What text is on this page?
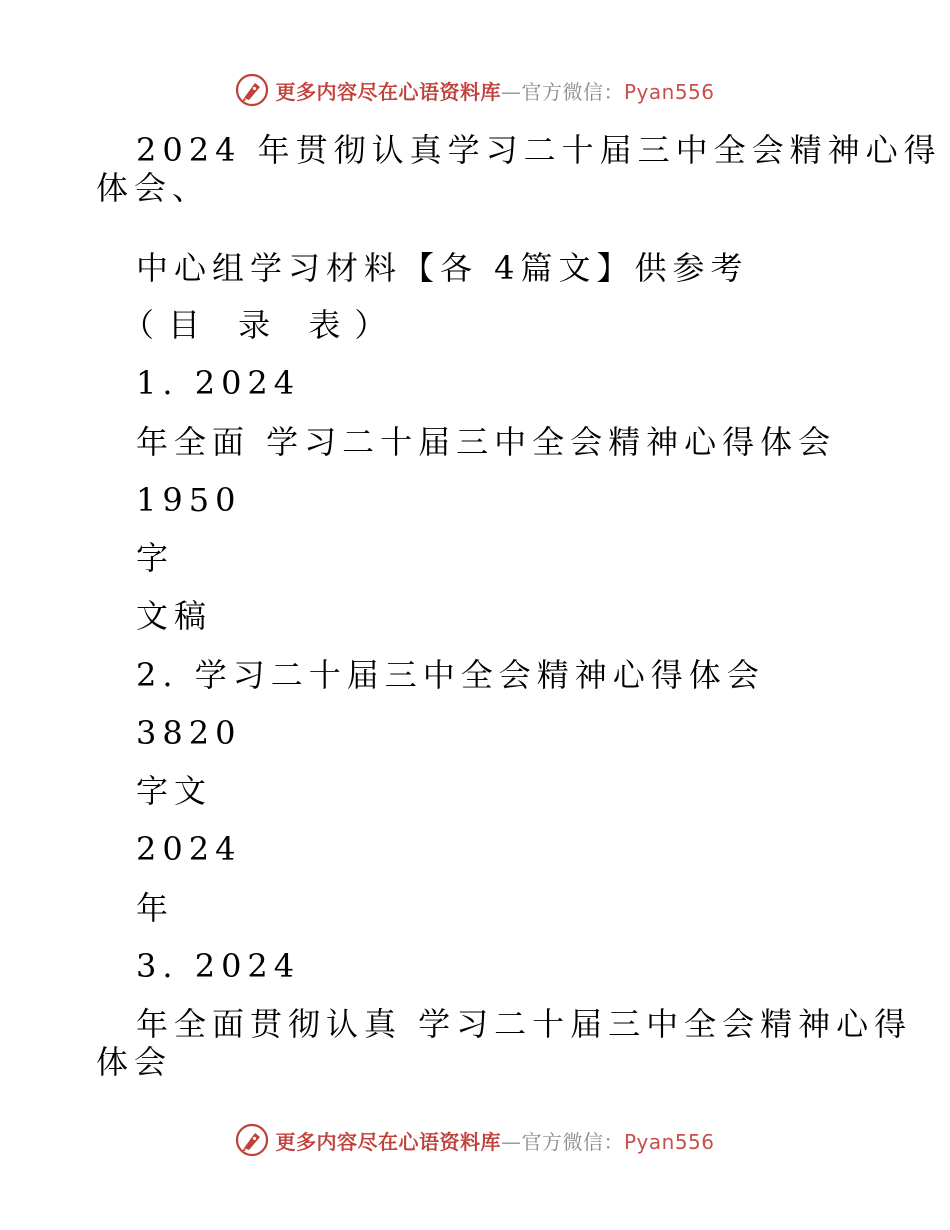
更多内容尽在心语资料库—官方微信：Pyan556
2024 年贯彻认真学习二十届三中全会精神心得
体会、
中心组学习材料【各 4篇文】供参考
（目 录 表）
1. 2024
年全面 学习二十届三中全会精神心得体会
1950
字
文稿
2. 学习二十届三中全会精神心得体会
3820
字文
2024
年
3. 2024
年全面贯彻认真 学习二十届三中全会精神心得
体会
更多内容尽在心语资料库—官方微信：Pyan556
